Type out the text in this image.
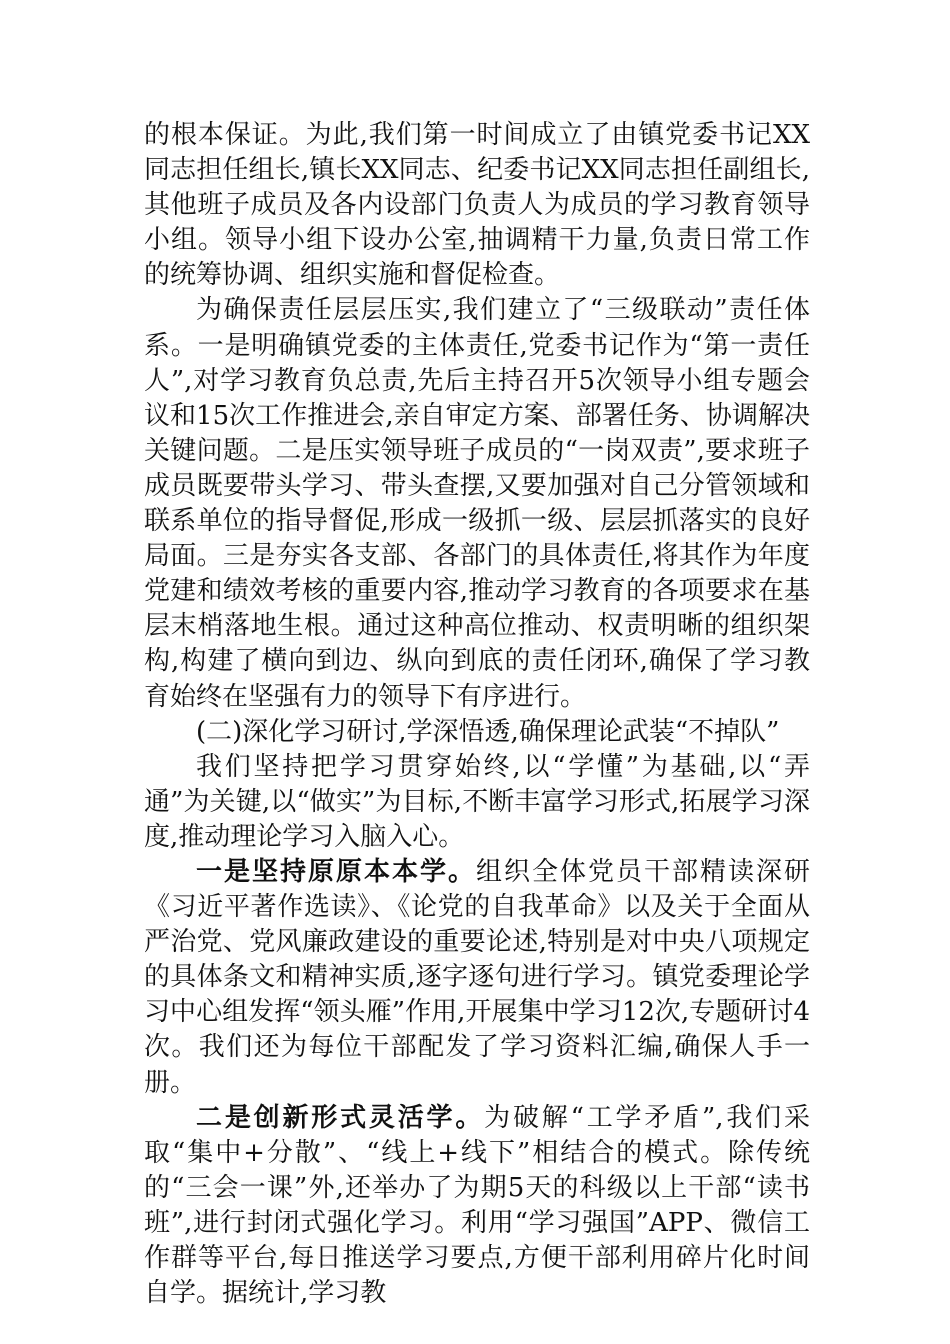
的根本保证。为此,我们第一时间成立了由镇党委书记XX同志担任组长,镇长XX同志、纪委书记XX同志担任副组长,其他班子成员及各内设部门负责人为成员的学习教育领导小组。领导小组下设办公室,抽调精干力量,负责日常工作的统筹协调、组织实施和督促检查。

为确保责任层层压实,我们建立了“三级联动”责任体系。一是明确镇党委的主体责任,党委书记作为“第一责任人”,对学习教育负总责,先后主持召开5次领导小组专题会议和15次工作推进会,亲自审定方案、部署任务、协调解决关键问题。二是压实领导班子成员的“一岗双责”,要求班子成员既要带头学习、带头查摆,又要加强对自己分管领域和联系单位的指导督促,形成一级抓一级、层层抓落实的良好局面。三是夯实各支部、各部门的具体责任,将其作为年度党建和绩效考核的重要内容,推动学习教育的各项要求在基层末梢落地生根。通过这种高位推动、权责明晰的组织架构,构建了横向到边、纵向到底的责任闭环,确保了学习教育始终在坚强有力的领导下有序进行。

(二)深化学习研讨,学深悟透,确保理论武装“不掉队”

我们坚持把学习贯穿始终,以“学懂”为基础,以“弄通”为关键,以“做实”为目标,不断丰富学习形式,拓展学习深度,推动理论学习入脑入心。

一是坚持原原本本学。组织全体党员干部精读深研《习近平著作选读》、《论党的自我革命》以及关于全面从严治党、党风廉政建设的重要论述,特别是对中央八项规定的具体条文和精神实质,逐字逐句进行学习。镇党委理论学习中心组发挥“领头雁”作用,开展集中学习12次,专题研讨4次。我们还为每位干部配发了学习资料汇编,确保人手一册。

二是创新形式灵活学。为破解“工学矛盾”,我们采取“集中+分散”、“线上+线下”相结合的模式。除传统的“三会一课”外,还举办了为期5天的科级以上干部“读书班”,进行封闭式强化学习。利用“学习强国”APP、微信工作群等平台,每日推送学习要点,方便干部利用碎片化时间自学。据统计,学习教
